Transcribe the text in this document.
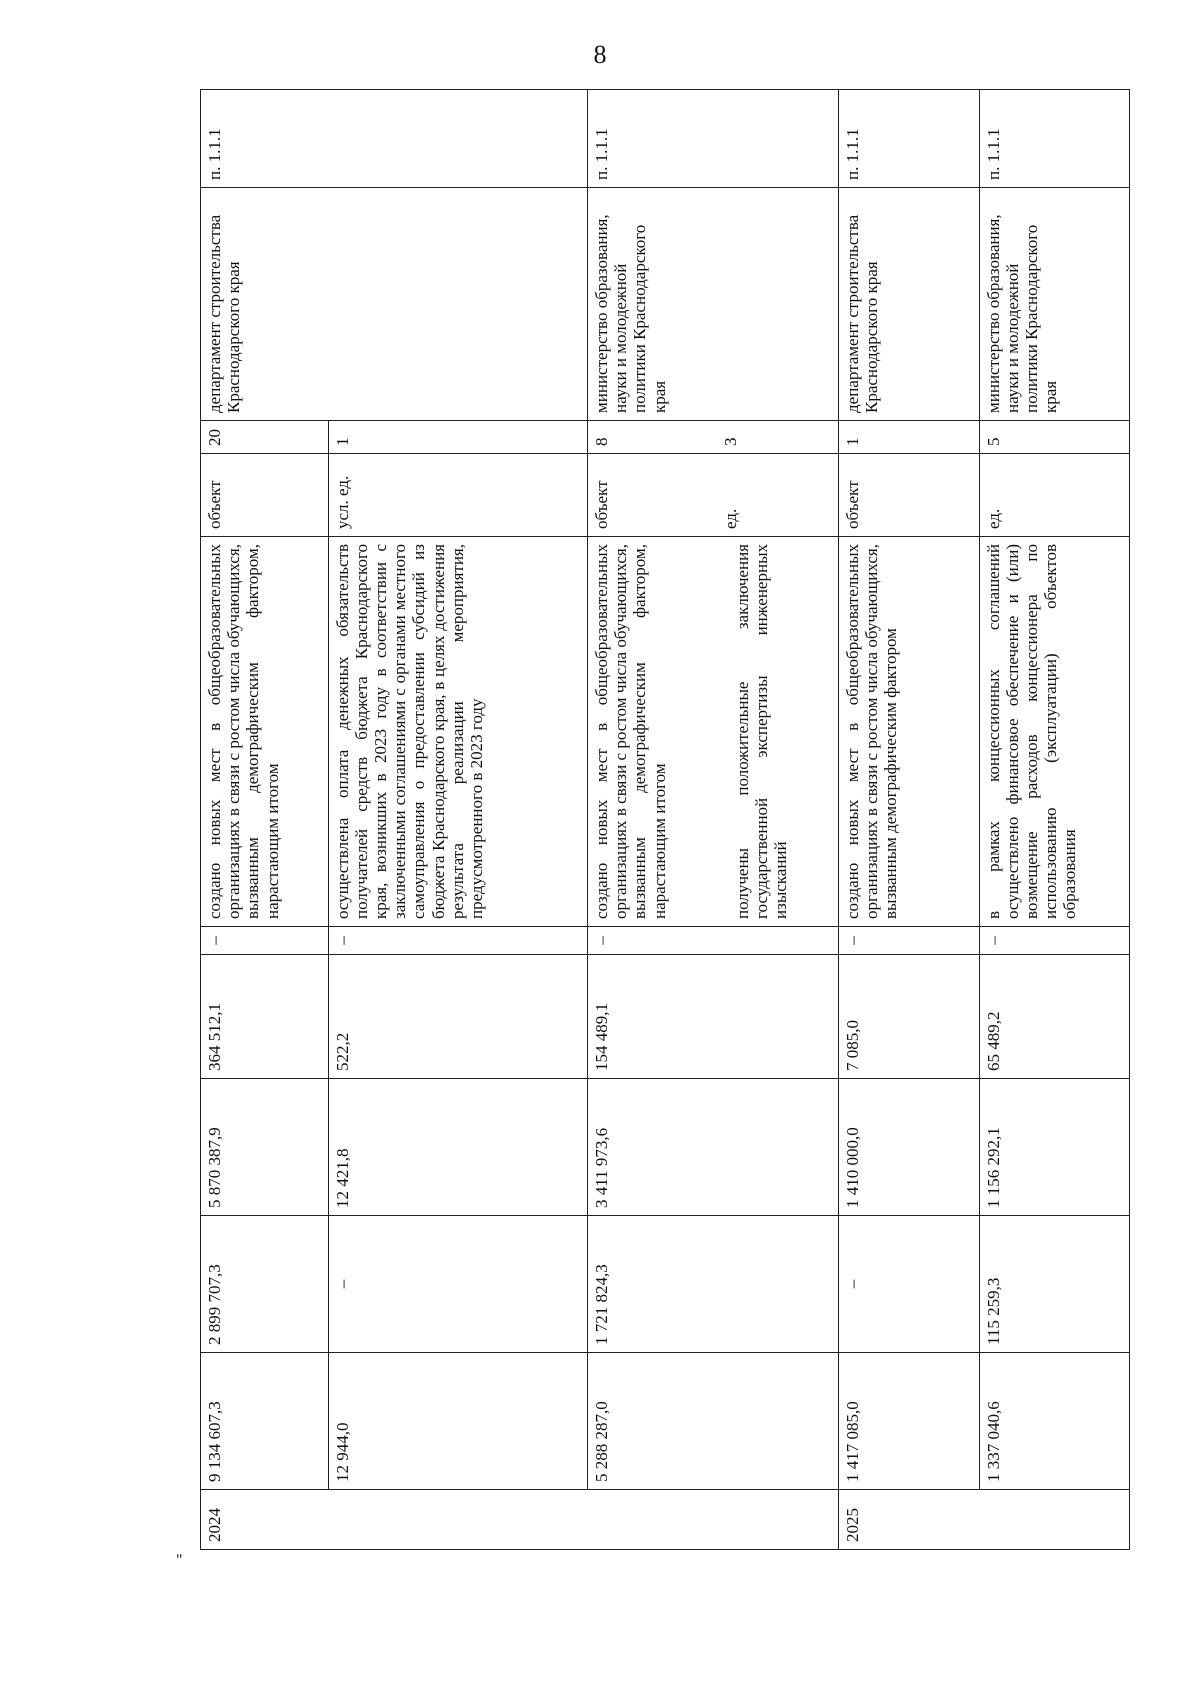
8
"
2024	9 134 607,3	2 899 707,3	5 870 387,9	364 512,1	–	создано новых мест в общеобразовательных организациях в связи с ростом числа обучающихся, вызванным демографическим фактором, нарастающим итогом	объект	20	департамент строительства Краснодарского края	п. 1.1.1
	12 944,0	–	12 421,8	522,2	–	осуществлена оплата денежных обязательств получателей средств бюджета Краснодарского края, возникших в 2023 году в соответствии с заключенными соглашениями с органами местного самоуправления о предоставлении субсидий из бюджета Краснодарского края, в целях достижения результата реализации мероприятия, предусмотренного в 2023 году	усл. ед.	1		
	5 288 287,0	1 721 824,3	3 411 973,6	154 489,1	–	создано новых мест в общеобразовательных организациях в связи с ростом числа обучающихся, вызванным демографическим фактором, нарастающим итогом получены положительные заключения государственной экспертизы инженерных изысканий	объект ед.	8 3	министерство образования, науки и молодежной политики Краснодарского края	п. 1.1.1
2025	1 417 085,0	–	1 410 000,0	7 085,0	–	создано новых мест в общеобразовательных организациях в связи с ростом числа обучающихся, вызванным демографическим фактором	объект	1	департамент строительства Краснодарского края	п. 1.1.1
	1 337 040,6	115 259,3	1 156 292,1	65 489,2	–	в рамках концессионных соглашений осуществлено финансовое обеспечение и (или) возмещение расходов концессионера по использованию (эксплуатации) объектов образования	ед.	5	министерство образования, науки и молодежной политики Краснодарского края	п. 1.1.1
